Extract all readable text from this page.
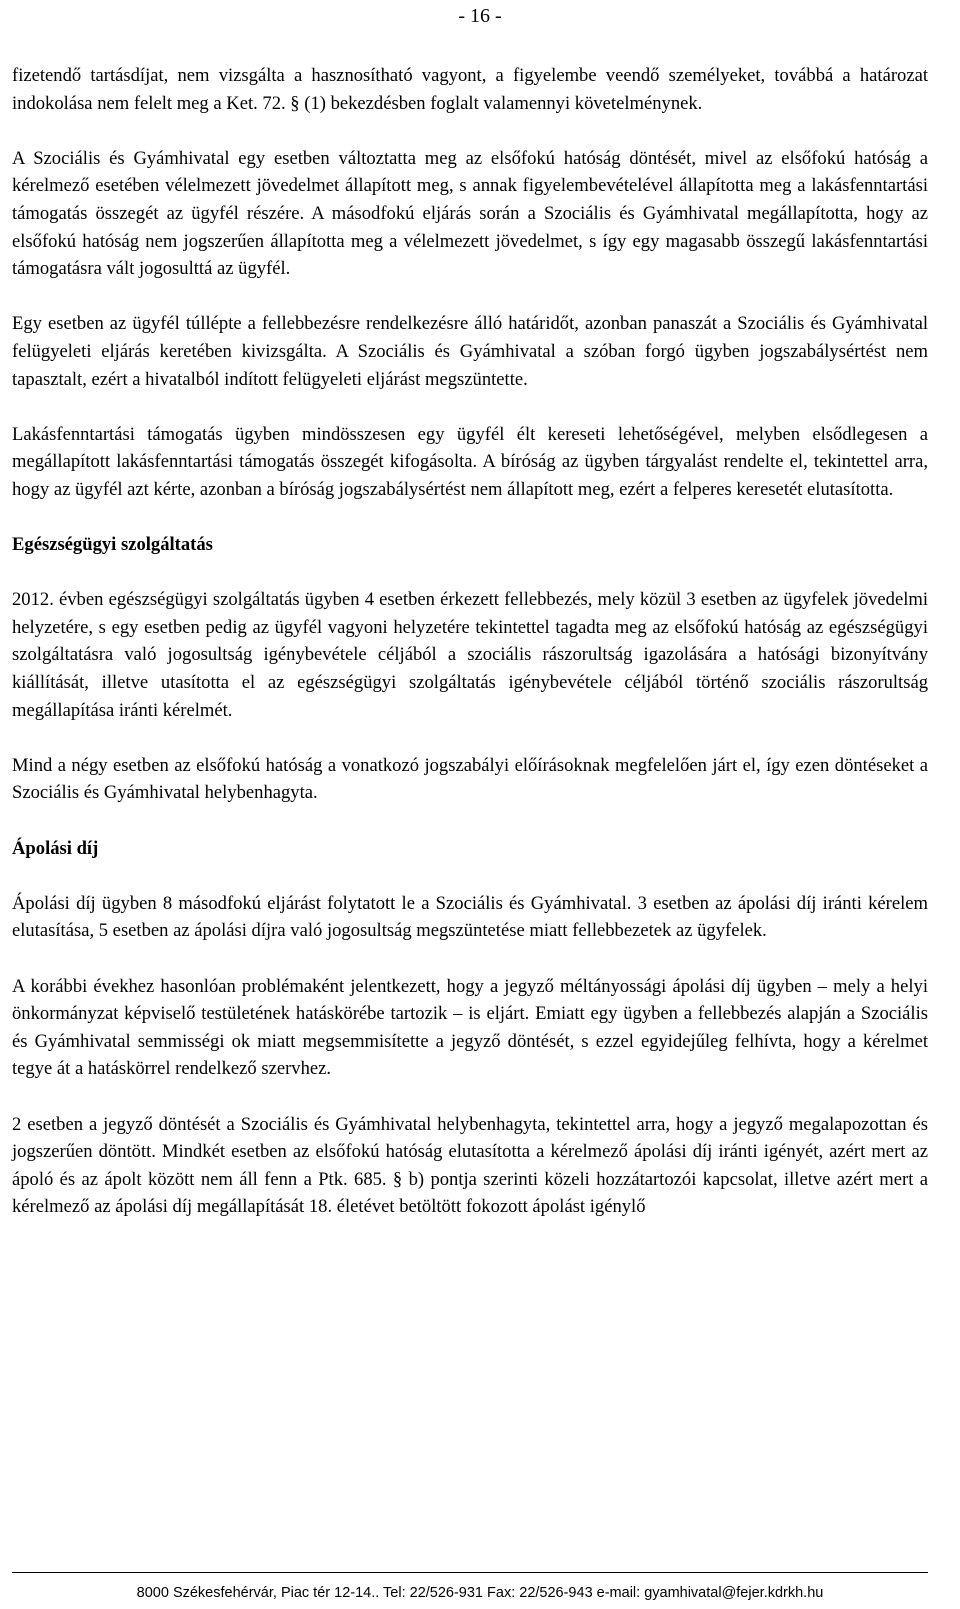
- 16 -

fizetendő tartásdíjat, nem vizsgálta a hasznosítható vagyont, a figyelembe veendő személyeket, továbbá a határozat indokolása nem felelt meg a Ket. 72. § (1) bekezdésben foglalt valamennyi követelménynek.

A Szociális és Gyámhivatal egy esetben változtatta meg az elsőfokú hatóság döntését, mivel az elsőfokú hatóság a kérelmező esetében vélelmezett jövedelmet állapított meg, s annak figyelembevételével állapította meg a lakásfenntartási támogatás összegét az ügyfél részére. A másodfokú eljárás során a Szociális és Gyámhivatal megállapította, hogy az elsőfokú hatóság nem jogszerűen állapította meg a vélelmezett jövedelmet, s így egy magasabb összegű lakásfenntartási támogatásra vált jogosulttá az ügyfél.

Egy esetben az ügyfél túllépte a fellebbezésre rendelkezésre álló határidőt, azonban panaszát a Szociális és Gyámhivatal felügyeleti eljárás keretében kivizsgálta. A Szociális és Gyámhivatal a szóban forgó ügyben jogszabálysértést nem tapasztalt, ezért a hivatalból indított felügyeleti eljárást megszüntette.

Lakásfenntartási támogatás ügyben mindösszesen egy ügyfél élt kereseti lehetőségével, melyben elsődlegesen a megállapított lakásfenntartási támogatás összegét kifogásolta. A bíróság az ügyben tárgyalást rendelte el, tekintettel arra, hogy az ügyfél azt kérte, azonban a bíróság jogszabálysértést nem állapított meg, ezért a felperes keresetét elutasította.

Egészségügyi szolgáltatás

2012. évben egészségügyi szolgáltatás ügyben 4 esetben érkezett fellebbezés, mely közül 3 esetben az ügyfelek jövedelmi helyzetére, s egy esetben pedig az ügyfél vagyoni helyzetére tekintettel tagadta meg az elsőfokú hatóság az egészségügyi szolgáltatásra való jogosultság igénybevétele céljából a szociális rászorultság igazolására a hatósági bizonyítvány kiállítását, illetve utasította el az egészségügyi szolgáltatás igénybevétele céljából történő szociális rászorultság megállapítása iránti kérelmét.

Mind a négy esetben az elsőfokú hatóság a vonatkozó jogszabályi előírásoknak megfelelően járt el, így ezen döntéseket a Szociális és Gyámhivatal helybenhagyta.

Ápolási díj

Ápolási díj ügyben 8 másodfokú eljárást folytatott le a Szociális és Gyámhivatal. 3 esetben az ápolási díj iránti kérelem elutasítása, 5 esetben az ápolási díjra való jogosultság megszüntetése miatt fellebbezetek az ügyfelek.

A korábbi évekhez hasonlóan problémaként jelentkezett, hogy a jegyző méltányossági ápolási díj ügyben – mely a helyi önkormányzat képviselő testületének hatáskörébe tartozik – is eljárt. Emiatt egy ügyben a fellebbezés alapján a Szociális és Gyámhivatal semmisségi ok miatt megsemmisítette a jegyző döntését, s ezzel egyidejűleg felhívta, hogy a kérelmet tegye át a hatáskörrel rendelkező szervhez.

2 esetben a jegyző döntését a Szociális és Gyámhivatal helybenhagyta, tekintettel arra, hogy a jegyző megalapozottan és jogszerűen döntött. Mindkét esetben az elsőfokú hatóság elutasította a kérelmező ápolási díj iránti igényét, azért mert az ápoló és az ápolt között nem áll fenn a Ptk. 685. § b) pontja szerinti közeli hozzátartozói kapcsolat, illetve azért mert a kérelmező az ápolási díj megállapítását 18. életévet betöltött fokozott ápolást igénylő

8000 Székesfehérvár, Piac tér 12-14.. Tel: 22/526-931 Fax: 22/526-943 e-mail: gyamhivatal@fejer.kdrkh.hu
